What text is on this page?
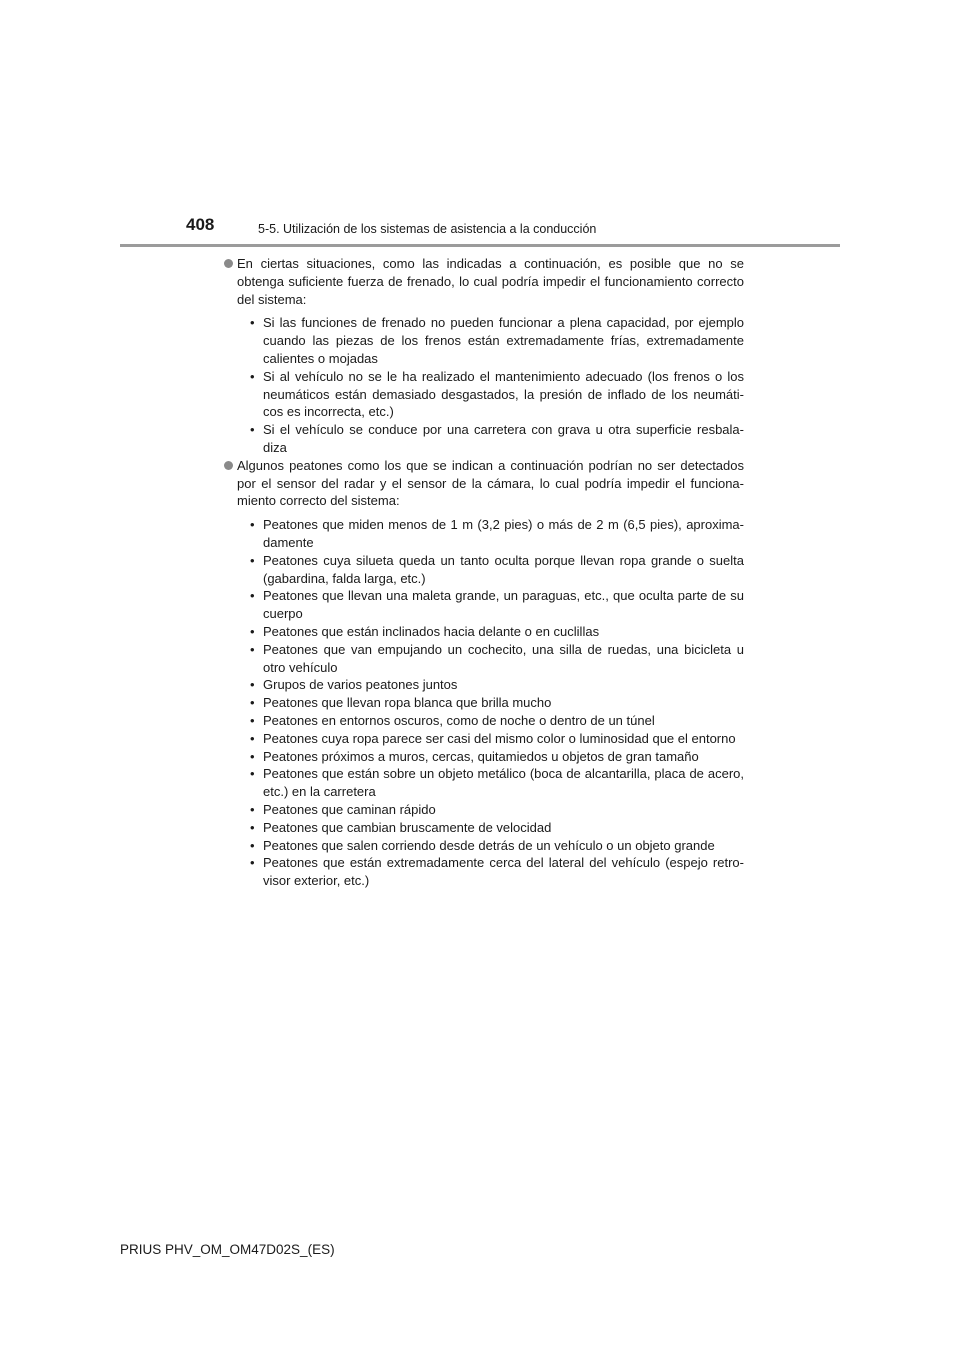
408	5-5. Utilización de los sistemas de asistencia a la conducción
En ciertas situaciones, como las indicadas a continuación, es posible que no se obtenga suficiente fuerza de frenado, lo cual podría impedir el funcionamiento correcto del sistema:
• Si las funciones de frenado no pueden funcionar a plena capacidad, por ejemplo cuando las piezas de los frenos están extremadamente frías, extremadamente calientes o mojadas
• Si al vehículo no se le ha realizado el mantenimiento adecuado (los frenos o los neumáticos están demasiado desgastados, la presión de inflado de los neumáti-cos es incorrecta, etc.)
• Si el vehículo se conduce por una carretera con grava u otra superficie resbala-diza
Algunos peatones como los que se indican a continuación podrían no ser detectados por el sensor del radar y el sensor de la cámara, lo cual podría impedir el funciona-miento correcto del sistema:
• Peatones que miden menos de 1 m (3,2 pies) o más de 2 m (6,5 pies), aproxima-damente
• Peatones cuya silueta queda un tanto oculta porque llevan ropa grande o suelta (gabardina, falda larga, etc.)
• Peatones que llevan una maleta grande, un paraguas, etc., que oculta parte de su cuerpo
• Peatones que están inclinados hacia delante o en cuclillas
• Peatones que van empujando un cochecito, una silla de ruedas, una bicicleta u otro vehículo
• Grupos de varios peatones juntos
• Peatones que llevan ropa blanca que brilla mucho
• Peatones en entornos oscuros, como de noche o dentro de un túnel
• Peatones cuya ropa parece ser casi del mismo color o luminosidad que el entorno
• Peatones próximos a muros, cercas, quitamiedos u objetos de gran tamaño
• Peatones que están sobre un objeto metálico (boca de alcantarilla, placa de acero, etc.) en la carretera
• Peatones que caminan rápido
• Peatones que cambian bruscamente de velocidad
• Peatones que salen corriendo desde detrás de un vehículo o un objeto grande
• Peatones que están extremadamente cerca del lateral del vehículo (espejo retro-visor exterior, etc.)
PRIUS PHV_OM_OM47D02S_(ES)
